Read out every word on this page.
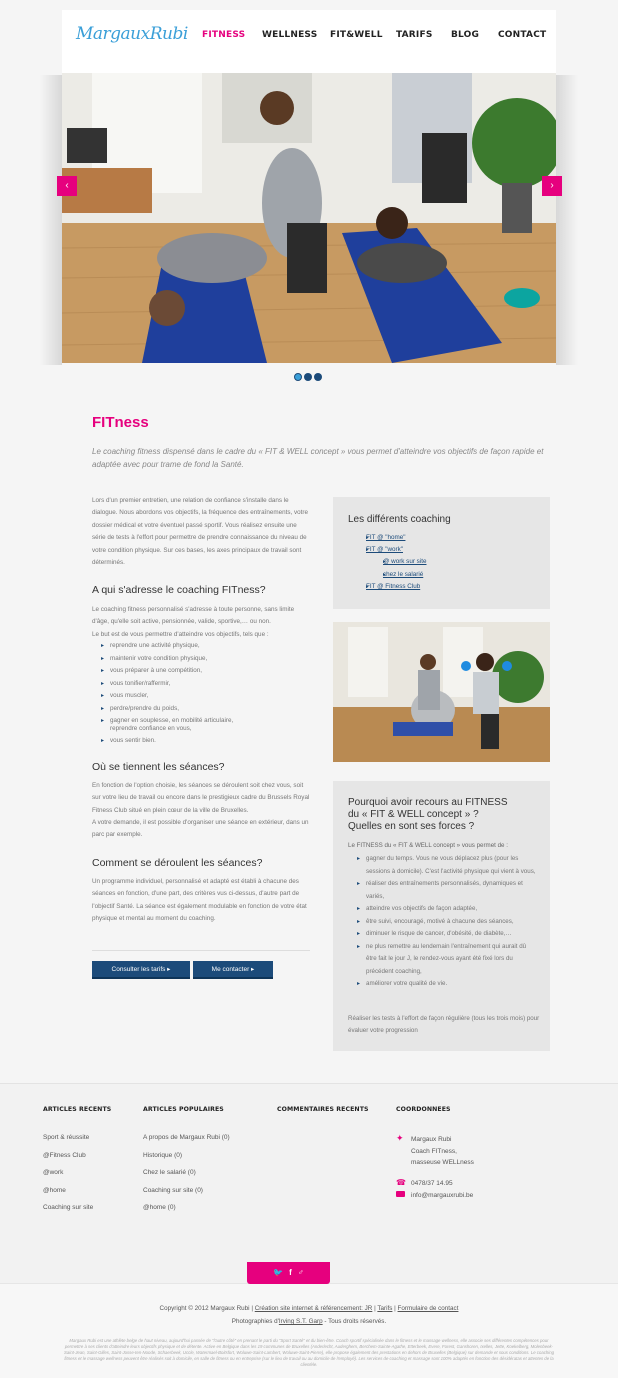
MargauxRubi FITNESS WELLNESS FIT&WELL TARIFS BLOG CONTACT
‹	›
FITness
Le coaching fitness dispensé dans le cadre du « FIT & WELL concept » vous permet d'atteindre vos objectifs de façon rapide et adaptée avec pour trame de fond la Santé.
Lors d'un premier entretien, une relation de confiance s'installe dans le dialogue. Nous abordons vos objectifs, la fréquence des entraînements, votre dossier médical et votre éventuel passé sportif. Vous réalisez ensuite une série de tests à l'effort pour permettre de prendre connaissance du niveau de votre condition physique. Sur ces bases, les axes principaux de travail sont déterminés.
A qui s'adresse le coaching FITness?
Le coaching fitness personnalisé s'adresse à toute personne, sans limite d'âge, qu'elle soit active, pensionnée, valide, sportive,… ou non.
Le but est de vous permettre d'atteindre vos objectifs, tels que :
▸ reprendre une activité physique,
▸ maintenir votre condition physique,
▸ vous préparer à une compétition,
▸ vous tonifier/raffermir,
▸ vous muscler,
▸ perdre/prendre du poids,
▸ gagner en souplesse, en mobilité articulaire,
reprendre confiance en vous,
▸ vous sentir bien.
Où se tiennent les séances?
En fonction de l'option choisie, les séances se déroulent soit chez vous, soit sur votre lieu de travail ou encore dans le prestigieux cadre du Brussels Royal Fitness Club situé en plein cœur de la ville de Bruxelles.
A votre demande, il est possible d'organiser une séance en extérieur, dans un parc par exemple.
Comment se déroulent les séances?
Un programme individuel, personnalisé et adapté est établi à chacune des séances en fonction, d'une part, des critères vus ci-dessus, d'autre part de l'objectif Santé. La séance est également modulable en fonction de votre état physique et mental au moment du coaching.
Consulter les tarifs ▸	Me contacter ▸
Les différents coaching
▸ FIT @ "home"
▸ FIT @ "work"
▸ @ work sur site
▸ chez le salarié
▸ FIT @ Fitness Club
Pourquoi avoir recours au FITNESS
du « FIT & WELL concept » ?
Quelles en sont ses forces ?
Le FITNESS du « FIT & WELL concept » vous permet de :
▸ gagner du temps. Vous ne vous déplacez plus (pour les sessions à domicile). C'est l'activité physique qui vient à vous,
▸ réaliser des entraînements personnalisés, dynamiques et variés,
▸ atteindre vos objectifs de façon adaptée,
▸ être suivi, encouragé, motivé à chacune des séances,
▸ diminuer le risque de cancer, d'obésité, de diabète,…
▸ ne plus remettre au lendemain l'entraînement qui aurait dû être fait le jour J, le rendez-vous ayant été fixé lors du précédent coaching,
▸ améliorer votre qualité de vie.
Réaliser les tests à l'effort de façon régulière (tous les trois mois) pour évaluer votre progression
ARTICLES RECENTS
Sport & réussite
@Fitness Club
@work
@home
Coaching sur site
ARTICLES POPULAIRES
A propos de Margaux Rubi (0)
Historique (0)
Chez le salarié (0)
Coaching sur site (0)
@home (0)
COMMENTAIRES RECENTS	COORDONNEES
✦ Margaux Rubi
Coach FITness,
masseuse WELLness
☎ 0478/37 14.95
info@margauxrubi.be
🐦 f ♂
Copyright © 2012 Margaux Rubi | Création site internet & référencement: JR | Tarifs | Formulaire de contact
Photographies d'Irving S.T. Garp - Tous droits réservés.
Margaux Rubi est une athlète belge de haut niveau, aujourd'hui passée de "l'autre côté" en prenant le parti du "Sport Santé" et du bien-être. Coach sportif spécialisée dans le fitness et le massage wellness, elle associe ses différentes compétences pour permettre à ses clients d'atteindre leurs objectifs physique et de détente. Active en Belgique dans les 19 communes de Bruxelles (Anderlecht, Auderghem, Berchem-Sainte-Agathe, Etterbeek, Evere, Forest, Ganshoren, Ixelles, Jette, Koekelberg, Molenbeek-Saint-Jean, Saint-Gilles, Saint-Josse-ten-Noode, Schaerbeek, Uccle, Watermael-Boitsfort, Woluwe-Saint-Lambert, Woluwe-Saint-Pierre), elle propose également des prestations en dehors de Bruxelles (Belgique) sur demande et sous conditions. Le coaching fitness et le massage wellness peuvent être réalisés soit à domicile, en salle de fitness ou en entreprise (sur le lieu de travail ou au domicile de l'employé). Les services de coaching et massage sont 100% adaptés en fonction des désidératas et attentes de la clientèle.
